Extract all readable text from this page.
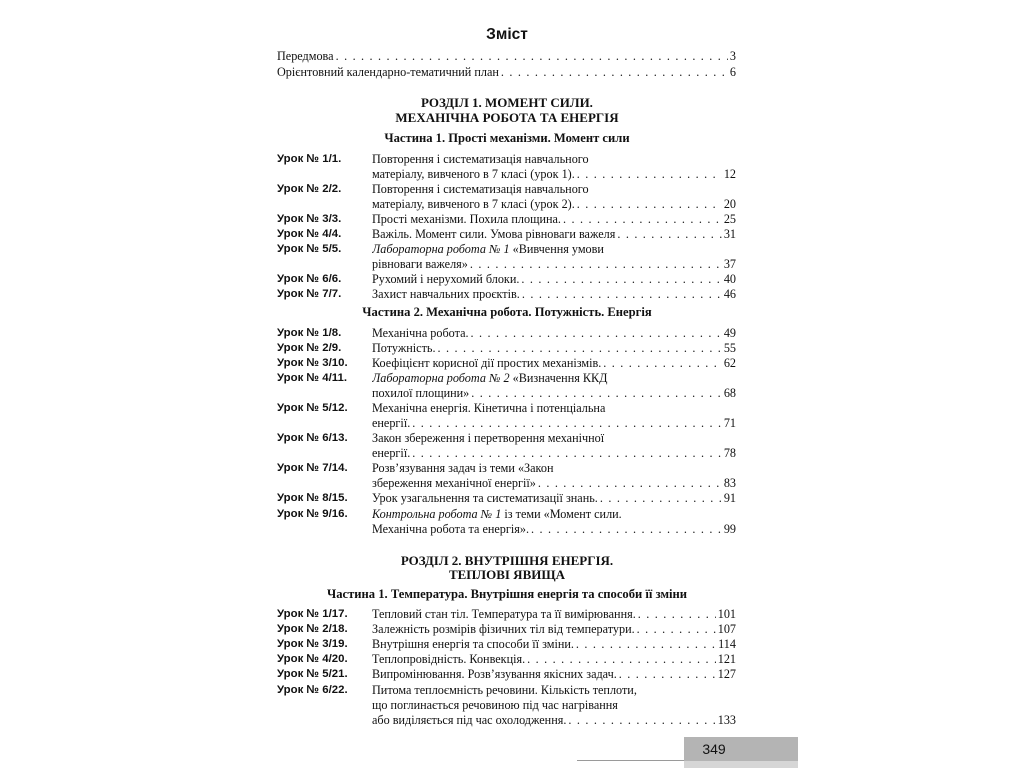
Зміст
Передмова . . .	3
Орієнтовний календарно-тематичний план . . .	6
РОЗДІЛ 1. МОМЕНТ СИЛИ.
МЕХАНІЧНА РОБОТА ТА ЕНЕРГІЯ
Частина 1. Прості механізми. Момент сили
Урок № 1/1.	Повторення і систематизація навчального
матеріалу, вивченого в 7 класі (урок 1). . . .	12
Урок № 2/2.	Повторення і систематизація навчального
матеріалу, вивченого в 7 класі (урок 2). . . .	20
Урок № 3/3.	Прості механізми. Похила площина. . . .	25
Урок № 4/4.	Важіль. Момент сили. Умова рівноваги важеля . . .	31
Урок № 5/5.	Лабораторна робота № 1 «Вивчення умови
рівноваги важеля» . . .	37
Урок № 6/6.	Рухомий і нерухомий блоки. . . .	40
Урок № 7/7.	Захист навчальних проєктів. . . .	46
Частина 2. Механічна робота. Потужність. Енергія
Урок № 1/8.	Механічна робота. . . .	49
Урок № 2/9.	Потужність. . . .	55
Урок № 3/10. Коефіцієнт корисної дії простих механізмів. . . .	62
Урок № 4/11. Лабораторна робота № 2 «Визначення ККД
похилої площини» . . .	68
Урок № 5/12. Механічна енергія. Кінетична і потенціальна
енергії. . . .	71
Урок № 6/13. Закон збереження і перетворення механічної
енергії. . . .	78
Урок № 7/14. Розв’язування задач із теми «Закон
збереження механічної енергії» . . .	83
Урок № 8/15. Урок узагальнення та систематизації знань. . . .	91
Урок № 9/16. Контрольна робота № 1 із теми «Момент сили.
Механічна робота та енергія». . . .	99
РОЗДІЛ 2. ВНУТРІШНЯ ЕНЕРГІЯ.
ТЕПЛОВІ ЯВИЩА
Частина 1. Температура. Внутрішня енергія та способи її зміни
Урок № 1/17. Тепловий стан тіл. Температура та її вимірювання. . . .	101
Урок № 2/18. Залежність розмірів фізичних тіл від температури. . . .	107
Урок № 3/19. Внутрішня енергія та способи її зміни. . . .	114
Урок № 4/20. Теплопровідність. Конвекція. . . .	121
Урок № 5/21. Випромінювання. Розв’язування якісних задач. . . .	127
Урок № 6/22. Питома теплоємність речовини. Кількість теплоти,
що поглинається речовиною під час нагрівання
або виділяється під час охолодження. . . .	133
349
